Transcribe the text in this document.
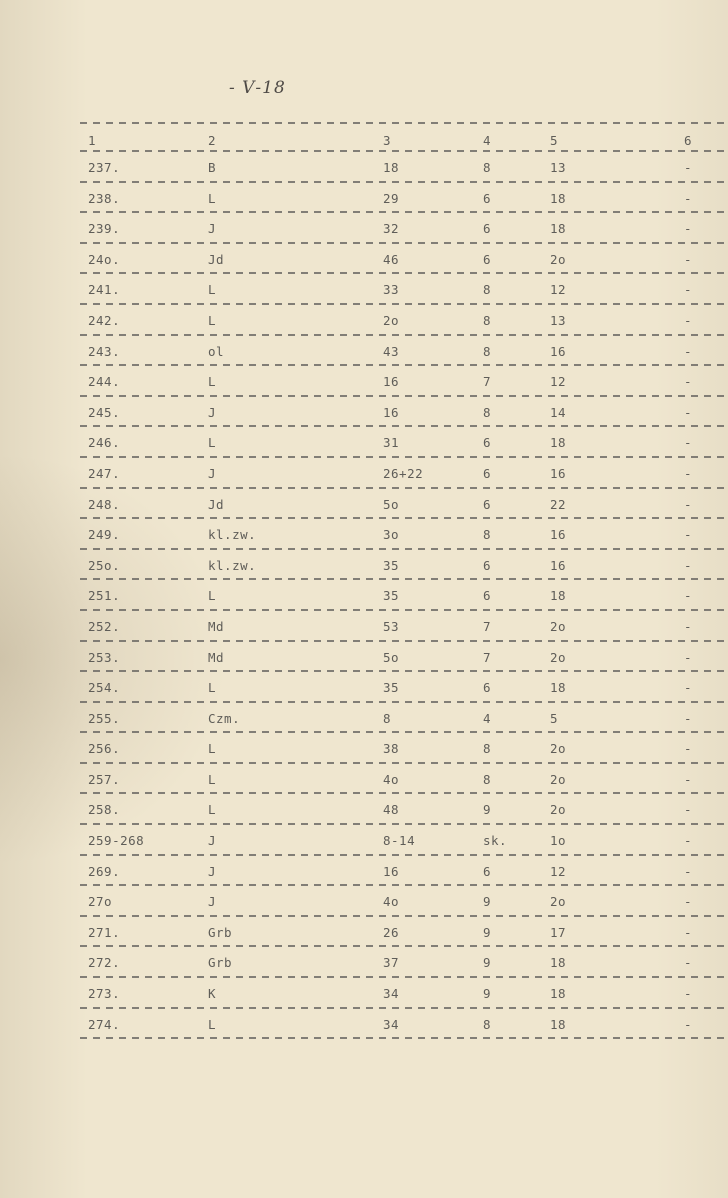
- Ⅴ-18
1	2	3	4	5	6
237.	B	18	8	13	-
238.	L	29	6	18	-
239.	J	32	6	18	-
24o.	Jd	46	6	2o	-
241.	L	33	8	12	-
242.	L	2o	8	13	-
243.	ol	43	8	16	-
244.	L	16	7	12	-
245.	J	16	8	14	-
246.	L	31	6	18	-
247.	J	26+22	6	16	-
248.	Jd	5o	6	22	-
249.	kl.zw.	3o	8	16	-
25o.	kl.zw.	35	6	16	-
251.	L	35	6	18	-
252.	Md	53	7	2o	-
253.	Md	5o	7	2o	-
254.	L	35	6	18	-
255.	Czm.	8	4	5	-
256.	L	38	8	2o	-
257.	L	4o	8	2o	-
258.	L	48	9	2o	-
259-268	J	8-14	sk.	1o	-
269.	J	16	6	12	-
27o	J	4o	9	2o	-
271.	Grb	26	9	17	-
272.	Grb	37	9	18	-
273.	K	34	9	18	-
274.	L	34	8	18	-
